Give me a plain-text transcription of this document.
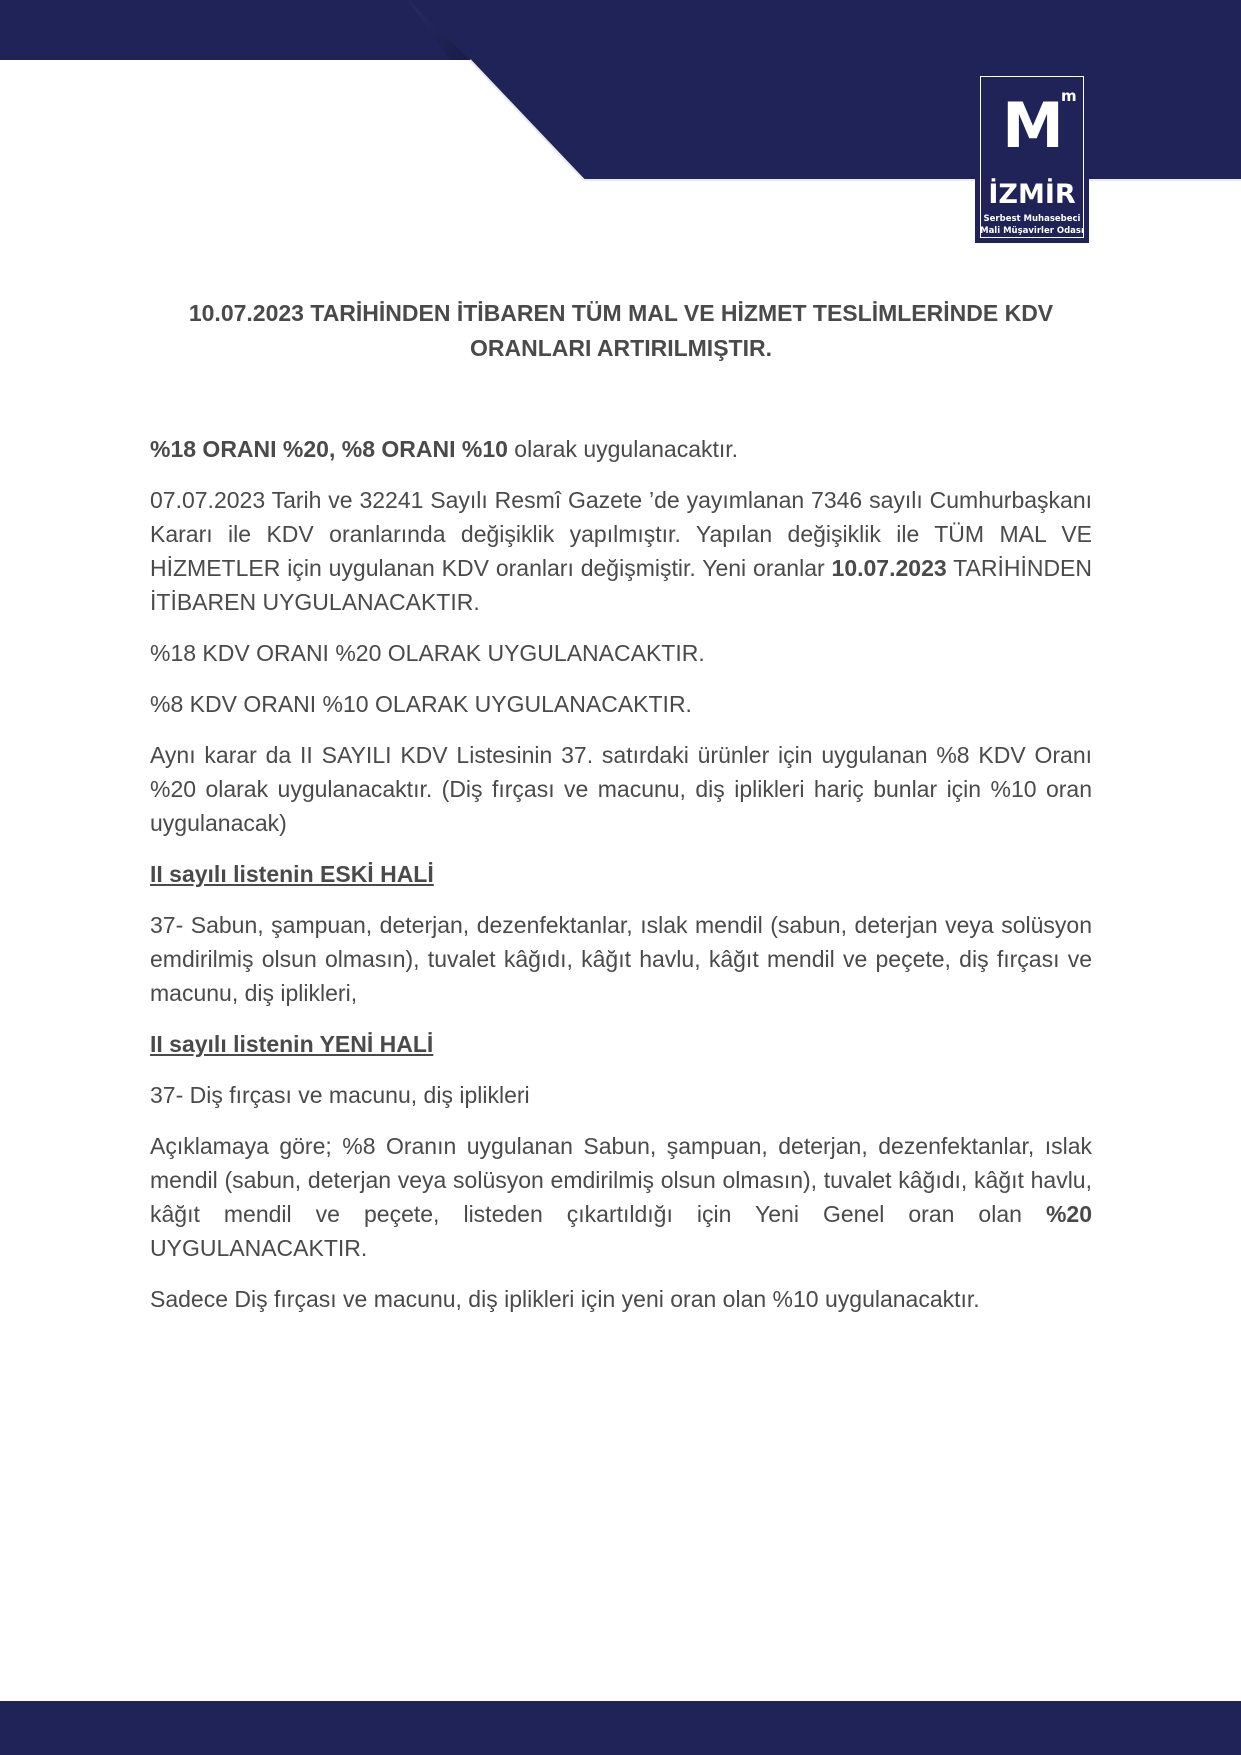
M m
İZMİR
Serbest Muhasebeci
Mali Müşavirler Odası
10.07.2023 TARİHİNDEN İTİBAREN TÜM MAL VE HİZMET TESLİMLERİNDE KDV ORANLARI ARTIRILMIŞTIR.

%18 ORANI %20, %8 ORANI %10 olarak uygulanacaktır.

07.07.2023 Tarih ve 32241 Sayılı Resmî Gazete ’de yayımlanan 7346 sayılı Cumhurbaşkanı Kararı ile KDV oranlarında değişiklik yapılmıştır. Yapılan değişiklik ile TÜM MAL VE HİZMETLER için uygulanan KDV oranları değişmiştir. Yeni oranlar 10.07.2023 TARİHİNDEN İTİBAREN UYGULANACAKTIR.

%18 KDV ORANI %20 OLARAK UYGULANACAKTIR.

%8 KDV ORANI %10 OLARAK UYGULANACAKTIR.

Aynı karar da II SAYILI KDV Listesinin 37. satırdaki ürünler için uygulanan %8 KDV Oranı %20 olarak uygulanacaktır. (Diş fırçası ve macunu, diş iplikleri hariç bunlar için %10 oran uygulanacak)

II sayılı listenin ESKİ HALİ

37- Sabun, şampuan, deterjan, dezenfektanlar, ıslak mendil (sabun, deterjan veya solüsyon emdirilmiş olsun olmasın), tuvalet kâğıdı, kâğıt havlu, kâğıt mendil ve peçete, diş fırçası ve macunu, diş iplikleri,

II sayılı listenin YENİ HALİ

37- Diş fırçası ve macunu, diş iplikleri

Açıklamaya göre; %8 Oranın uygulanan Sabun, şampuan, deterjan, dezenfektanlar, ıslak mendil (sabun, deterjan veya solüsyon emdirilmiş olsun olmasın), tuvalet kâğıdı, kâğıt havlu, kâğıt mendil ve peçete, listeden çıkartıldığı için Yeni Genel oran olan %20 UYGULANACAKTIR.

Sadece Diş fırçası ve macunu, diş iplikleri için yeni oran olan %10 uygulanacaktır.
